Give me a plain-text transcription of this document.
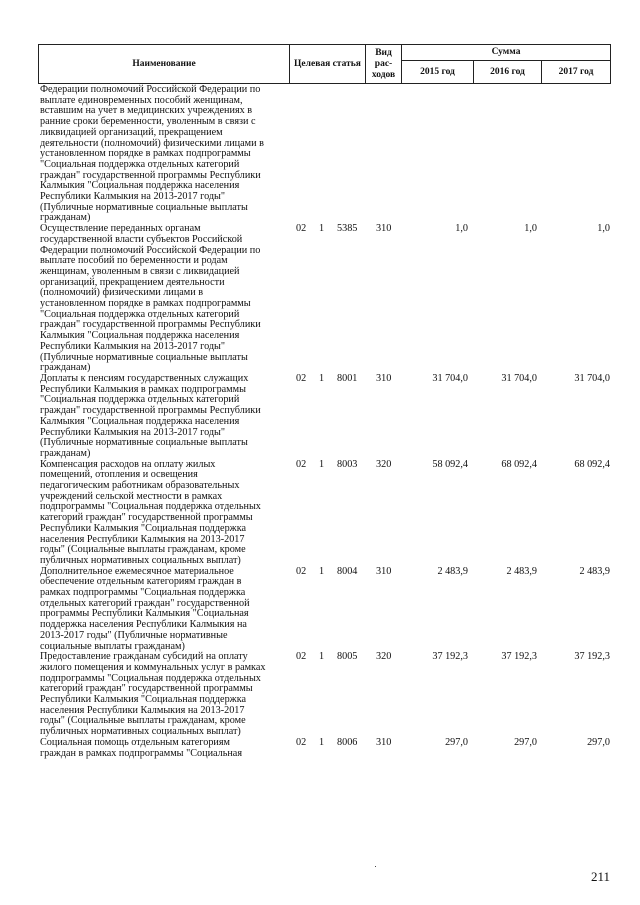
Наименование	Целевая статья	Вид рас-ходов	Сумма		
			2015 год	2016 год	2017 год
Федерации полномочий Российской Федерации по
выплате единовременных пособий женщинам,
вставшим на учет в медицинских учреждениях в
ранние сроки беременности, уволенным в связи с
ликвидацией организаций, прекращением
деятельности (полномочий) физическими лицами в
установленном порядке в рамках подпрограммы
"Социальная поддержка отдельных категорий
граждан" государственной программы Республики
Калмыкия "Социальная поддержка населения
Республики Калмыкия на 2013-2017 годы"
(Публичные нормативные социальные выплаты
гражданам)
Осуществление переданных органам
государственной власти субъектов Российской
Федерации полномочий Российской Федерации по
выплате пособий по беременности и родам
женщинам, уволенным в связи с ликвидацией
организаций, прекращением деятельности
(полномочий) физическими лицами в
установленном порядке в рамках подпрограммы
"Социальная поддержка отдельных категорий
граждан" государственной программы Республики
Калмыкия "Социальная поддержка населения
Республики Калмыкия на 2013-2017 годы"
(Публичные нормативные социальные выплаты
гражданам)
02 1 5385 310	1,0	1,0	1,0
Доплаты к пенсиям государственных служащих
Республики Калмыкия в рамках подпрограммы
"Социальная поддержка отдельных категорий
граждан" государственной программы Республики
Калмыкия "Социальная поддержка населения
Республики Калмыкия на 2013-2017 годы"
(Публичные нормативные социальные выплаты
гражданам)
02 1 8001 310	31 704,0	31 704,0	31 704,0
Компенсация расходов на оплату жилых
помещений, отопления и освещения
педагогическим работникам образовательных
учреждений сельской местности в рамках
подпрограммы "Социальная поддержка отдельных
категорий граждан" государственной программы
Республики Калмыкия "Социальная поддержка
населения Республики Калмыкия на 2013-2017
годы" (Социальные выплаты гражданам, кроме
публичных нормативных социальных выплат)
02 1 8003 320	58 092,4	68 092,4	68 092,4
Дополнительное ежемесячное материальное
обеспечение отдельным категориям граждан в
рамках подпрограммы "Социальная поддержка
отдельных категорий граждан" государственной
программы Республики Калмыкия "Социальная
поддержка населения Республики Калмыкия на
2013-2017 годы" (Публичные нормативные
социальные выплаты гражданам)
02 1 8004 310	2 483,9	2 483,9	2 483,9
Предоставление гражданам субсидий на оплату
жилого помещения и коммунальных услуг в рамках
подпрограммы "Социальная поддержка отдельных
категорий граждан" государственной программы
Республики Калмыкия "Социальная поддержка
населения Республики Калмыкия на 2013-2017
годы" (Социальные выплаты гражданам, кроме
публичных нормативных социальных выплат)
02 1 8005 320	37 192,3	37 192,3	37 192,3
Социальная помощь отдельным категориям
граждан в рамках подпрограммы "Социальная
02 1 8006 310	297,0	297,0	297,0
211
